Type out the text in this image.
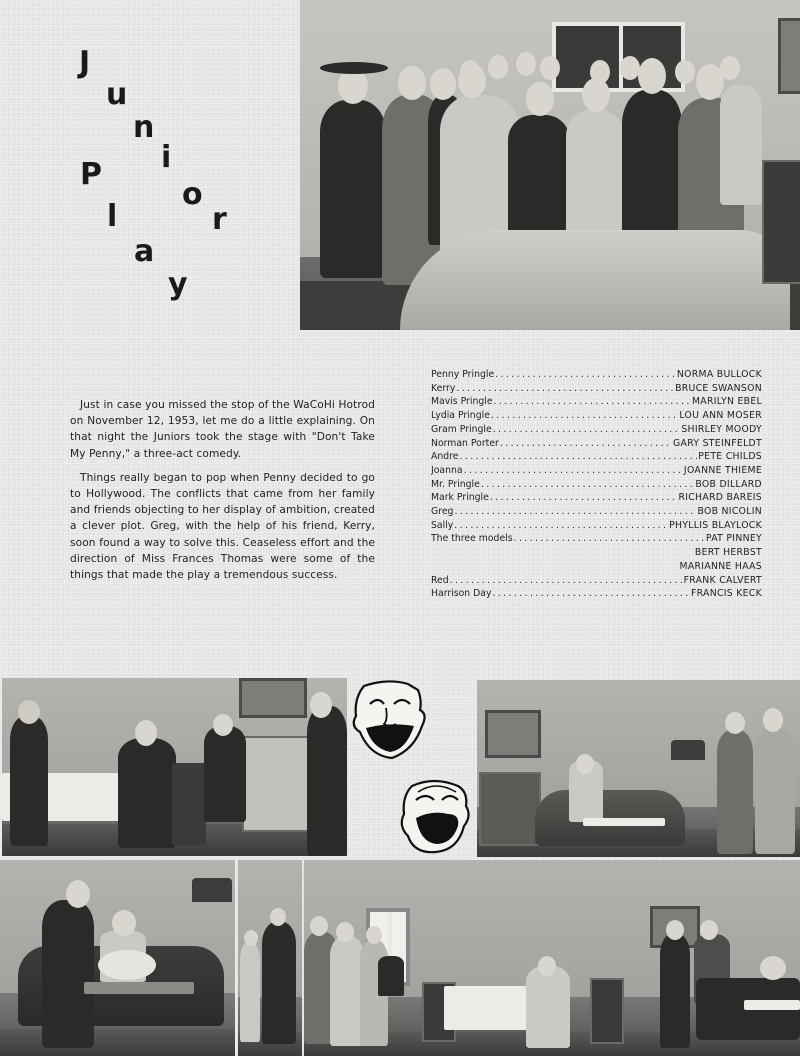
J
u
n
i
o
r
P
l
a
y

Just in case you missed the stop of the WaCoHi Hotrod on November 12, 1953, let me do a little explaining. On that night the Juniors took the stage with "Don't Take My Penny," a three-act comedy.

Things really began to pop when Penny decided to go to Hollywood. The conflicts that came from her family and friends objecting to her display of ambition, created a clever plot. Greg, with the help of his friend, Kerry, soon found a way to solve this. Ceaseless effort and the direction of Miss Frances Thomas were some of the things that made the play a tremendous success.

Penny Pringle .....	NORMA BULLOCK
Kerry .....	BRUCE SWANSON
Mavis Pringle .....	MARILYN EBEL
Lydia Pringle .....	LOU ANN MOSER
Gram Pringle .....	SHIRLEY MOODY
Norman Porter .....	GARY STEINFELDT
Andre .....	PETE CHILDS
Joanna .....	JOANNE THIEME
Mr. Pringle .....	BOB DILLARD
Mark Pringle .....	RICHARD BAREIS
Greg .....	BOB NICOLIN
Sally .....	PHYLLIS BLAYLOCK
The three models .....	PAT PINNEY
BERT HERBST
MARIANNE HAAS
Red .....	FRANK CALVERT
Harrison Day .....	FRANCIS KECK
